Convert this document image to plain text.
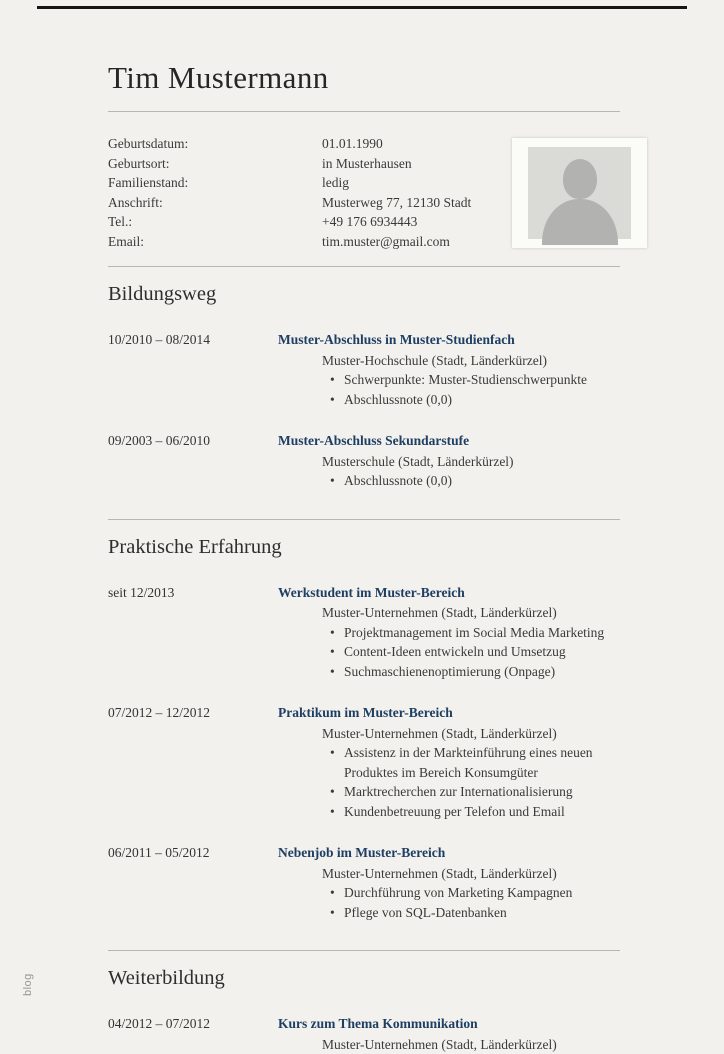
Tim Mustermann
Geburtsdatum:	01.01.1990
Geburtsort:	in Musterhausen
Familienstand:	ledig
Anschrift:	Musterweg 77, 12130 Stadt
Tel.:	+49 176 6934443
Email:	tim.muster@gmail.com
Bildungsweg
10/2010 – 08/2014	Muster-Abschluss in Muster-Studienfach
Muster-Hochschule (Stadt, Länderkürzel)
• Schwerpunkte: Muster-Studienschwerpunkte
• Abschlussnote (0,0)
09/2003 – 06/2010	Muster-Abschluss Sekundarstufe
Musterschule (Stadt, Länderkürzel)
• Abschlussnote (0,0)
Praktische Erfahrung
seit 12/2013	Werkstudent im Muster-Bereich
Muster-Unternehmen (Stadt, Länderkürzel)
• Projektmanagement im Social Media Marketing
• Content-Ideen entwickeln und Umsetzug
• Suchmaschienenoptimierung (Onpage)
07/2012 – 12/2012	Praktikum im Muster-Bereich
Muster-Unternehmen (Stadt, Länderkürzel)
• Assistenz in der Markteinführung eines neuen Produktes im Bereich Konsumgüter
• Marktrecherchen zur Internationalisierung
• Kundenbetreuung per Telefon und Email
06/2011 – 05/2012	Nebenjob im Muster-Bereich
Muster-Unternehmen (Stadt, Länderkürzel)
• Durchführung von Marketing Kampagnen
• Pflege von SQL-Datenbanken
Weiterbildung
04/2012 – 07/2012	Kurs zum Thema Kommunikation
Muster-Unternehmen (Stadt, Länderkürzel)
blog
